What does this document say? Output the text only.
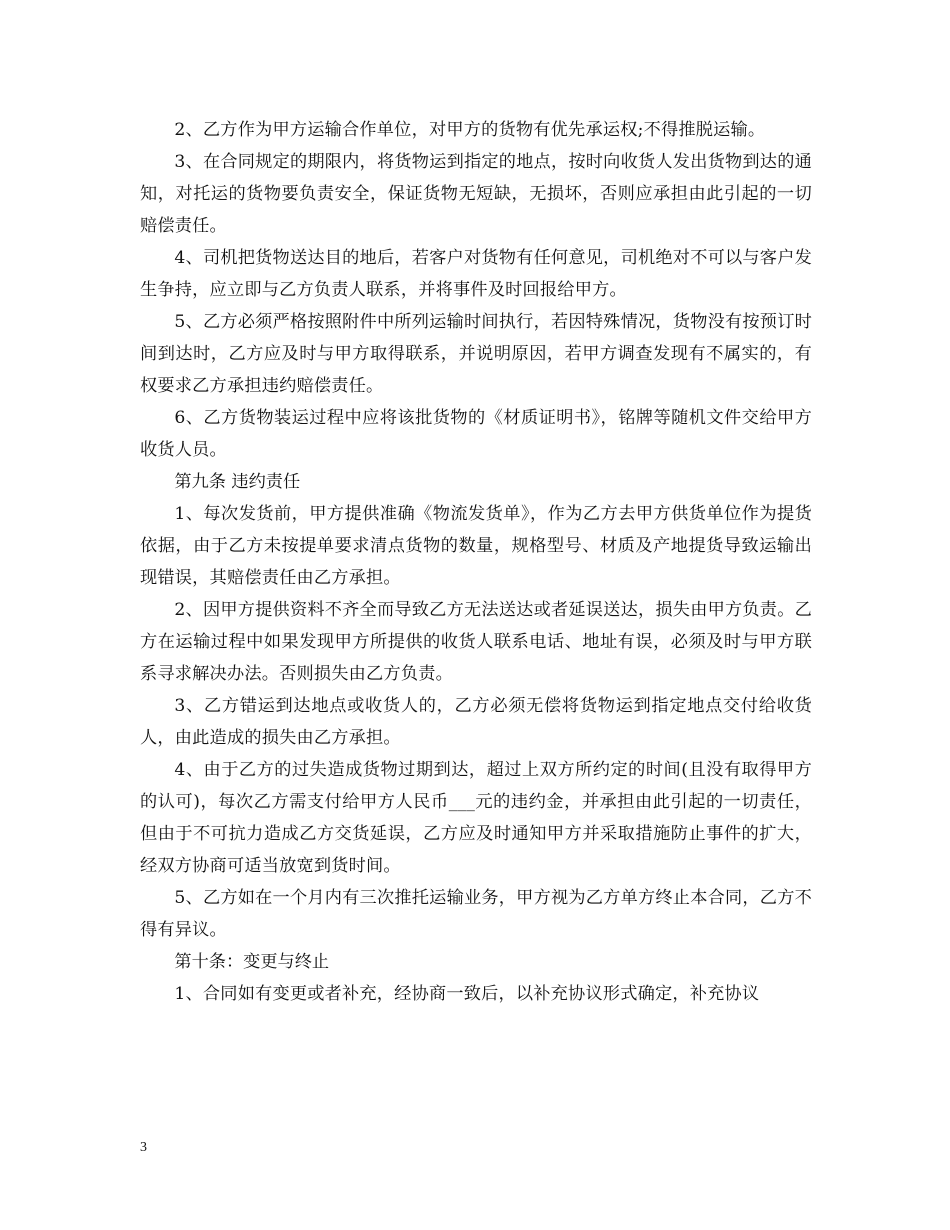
2、乙方作为甲方运输合作单位，对甲方的货物有优先承运权;不得推脱运输。

3、在合同规定的期限内，将货物运到指定的地点，按时向收货人发出货物到达的通知，对托运的货物要负责安全，保证货物无短缺，无损坏，否则应承担由此引起的一切赔偿责任。

4、司机把货物送达目的地后，若客户对货物有任何意见，司机绝对不可以与客户发生争持，应立即与乙方负责人联系，并将事件及时回报给甲方。

5、乙方必须严格按照附件中所列运输时间执行，若因特殊情况，货物没有按预订时间到达时，乙方应及时与甲方取得联系，并说明原因，若甲方调查发现有不属实的，有权要求乙方承担违约赔偿责任。

6、乙方货物装运过程中应将该批货物的《材质证明书》，铭牌等随机文件交给甲方收货人员。

第九条 违约责任

1、每次发货前，甲方提供准确《物流发货单》，作为乙方去甲方供货单位作为提货依据，由于乙方未按提单要求清点货物的数量，规格型号、材质及产地提货导致运输出现错误，其赔偿责任由乙方承担。

2、因甲方提供资料不齐全而导致乙方无法送达或者延误送达，损失由甲方负责。乙方在运输过程中如果发现甲方所提供的收货人联系电话、地址有误，必须及时与甲方联系寻求解决办法。否则损失由乙方负责。

3、乙方错运到达地点或收货人的，乙方必须无偿将货物运到指定地点交付给收货人，由此造成的损失由乙方承担。

4、由于乙方的过失造成货物过期到达，超过上双方所约定的时间(且没有取得甲方的认可)，每次乙方需支付给甲方人民币___元的违约金，并承担由此引起的一切责任，但由于不可抗力造成乙方交货延误，乙方应及时通知甲方并采取措施防止事件的扩大，经双方协商可适当放宽到货时间。

5、乙方如在一个月内有三次推托运输业务，甲方视为乙方单方终止本合同，乙方不得有异议。

第十条：变更与终止

1、合同如有变更或者补充，经协商一致后，以补充协议形式确定，补充协议

3
